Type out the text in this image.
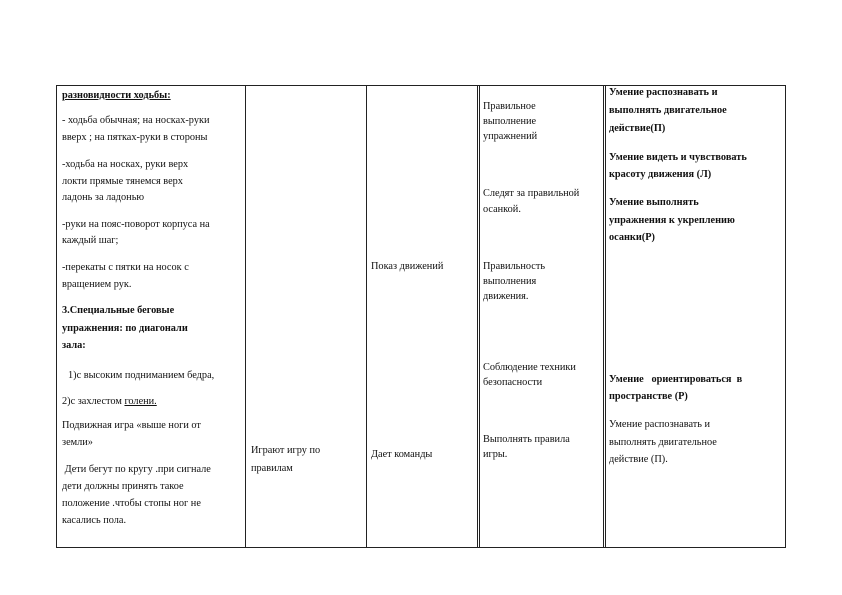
разновидности ходьбы:
- ходьба обычная; на носках-руки
вверх ; на пятках-руки в стороны
-ходьба на носках, руки верх
локти прямые тянемся верх
ладонь за ладонью
-руки на пояс-поворот корпуса на
каждый шаг;
-перекаты с пятки на носок с
вращением рук.
3.Специальные беговые
упражнения: по диагонали
зала:
1)с высоким подниманием бедра,
2)с захлестом голени.
Подвижная игра «выше ноги от
земли»
Дети бегут по кругу .при сигнале
дети должны принять такое
положение .чтобы стопы ног не
касались пола.
Играют игру по
правилам
Показ движений
Дает команды
Правильное
выполнение
упражнений
Следят за правильной
осанкой.
Правильность
выполнения
движения.
Соблюдение техники
безопасности
Выполнять правила
игры.
Умение распознавать и
выполнять двигательное
действие(П)
Умение видеть и чувствовать
красоту движения (Л)
Умение выполнять
упражнения к укреплению
осанки(Р)
Умение   ориентироваться  в
пространстве (Р)
Умение распознавать и
выполнять двигательное
действие (П).
